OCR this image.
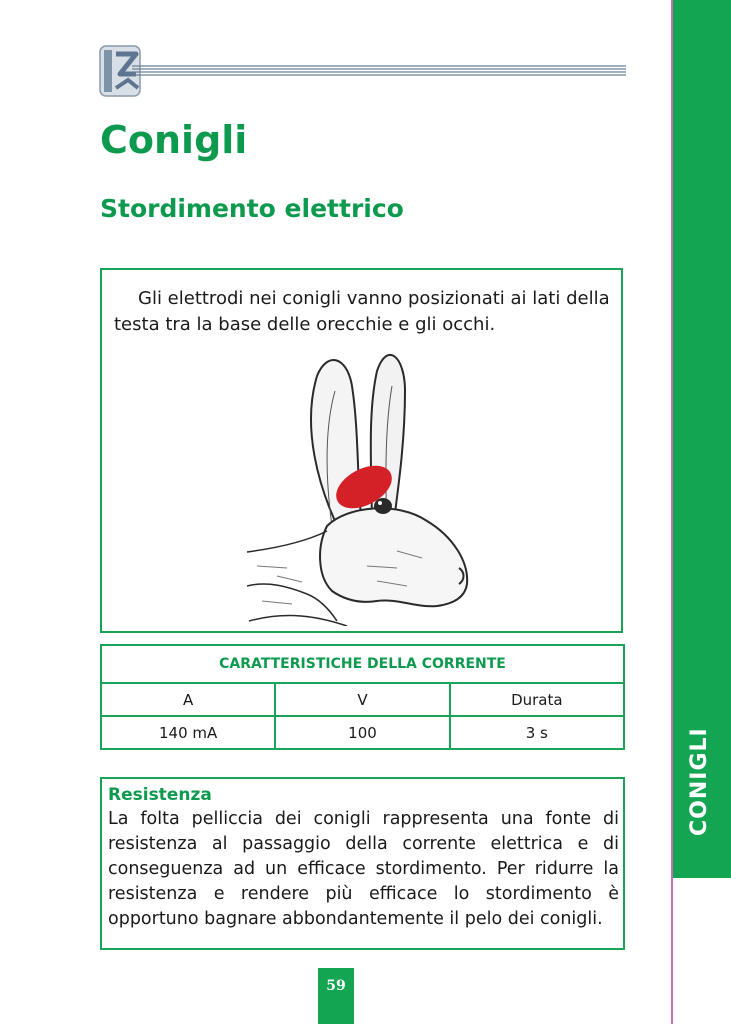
Conigli
Stordimento elettrico

Gli elettrodi nei conigli vanno posizionati ai lati della testa tra la base delle orecchie e gli occhi.

CARATTERISTICHE DELLA CORRENTE		
A	V	Durata
140 mA	100	3 s

Resistenza

La folta pelliccia dei conigli rappresenta una fonte di resistenza al passaggio della corrente elettrica e di conseguenza ad un efficace stordimento. Per ridurre la resistenza e rendere più efficace lo stordimento è opportuno bagnare abbondantemente il pelo dei conigli.

CONIGLI
59
